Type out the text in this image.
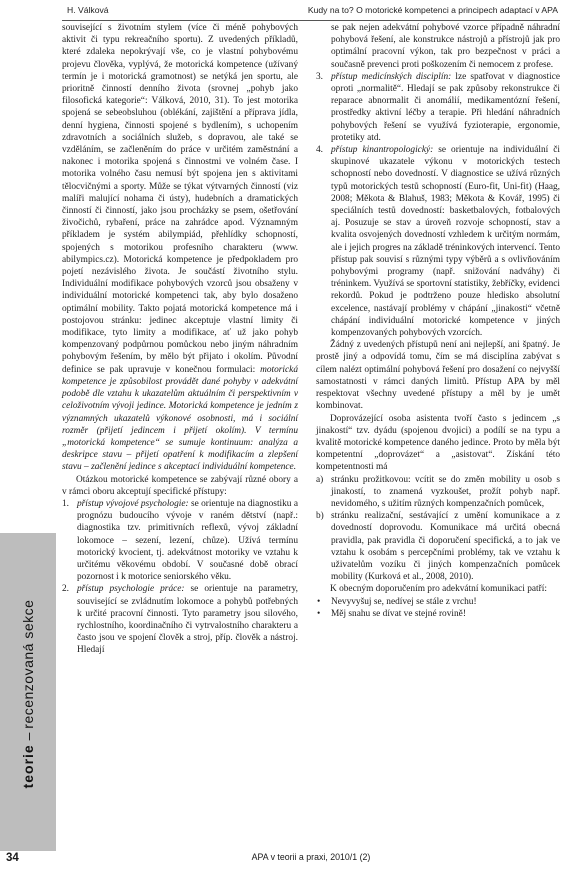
H. Válková	Kudy na to? O motorické kompetenci a principech adaptací v APA
teorie – recenzovaná sekce

související s životním stylem (více či méně pohybových aktivit či typu rekreačního sportu). Z uvedených příkladů, které zdaleka nepokrývají vše, co je vlastní pohybovému projevu člověka, vyplývá, že motorická kompetence (užívaný termín je i motorická gramotnost) se netýká jen sportu, ale prioritně činností denního života (srovnej „pohyb jako filosofická kategorie“: Válková, 2010, 31). To jest motorika spojená se sebeobsluhou (oblékání, zajištění a příprava jídla, denní hygiena, činnosti spojené s bydlením), s uchopením zdravotních a sociálních služeb, s dopravou, ale také se vzděláním, se začleněním do práce v určitém zaměstnání a nakonec i motorika spojená s činnostmi ve volném čase. I motorika volného času nemusí být spojena jen s aktivitami tělocvičnými a sporty. Může se týkat výtvarných činností (viz malíři malující nohama či ústy), hudebních a dramatických činností či činností, jako jsou procházky se psem, ošetřování živočichů, rybaření, práce na zahrádce apod. Významným příkladem je systém abilympiád, přehlídky schopností, spojených s motorikou profesního charakteru (www. abilympics.cz). Motorická kompetence je předpokladem pro pojetí nezávislého života. Je součástí životního stylu. Individuální modifikace pohybových vzorců jsou obsaženy v individuální motorické kompetenci tak, aby bylo dosaženo optimální mobility. Takto pojatá motorická kompetence má i postojovou stránku: jedinec akceptuje vlastní limity či modifikace, tyto limity a modifikace, ať už jako pohyb kompenzovaný podpůrnou pomůckou nebo jiným náhradním pohybovým řešením, by mělo být přijato i okolím. Původní definice se pak upravuje v konečnou formulaci: motorická kompetence je způsobilost provádět dané pohyby v adekvátní podobě dle vztahu k ukazatelům aktuálním či perspektivním v celoživotním vývoji jedince. Motorická kompetence je jedním z významných ukazatelů výkonové osobnosti, má i sociální rozměr (přijetí jedincem i přijetí okolím). V termínu „motorická kompetence“ se sumuje kontinuum: analýza a deskripce stavu – přijetí opatření k modifikacím a zlepšení stavu – začlenění jedince s akceptací individuální kompetence.

Otázkou motorické kompetence se zabývají různé obory a v rámci oboru akceptují specifické přístupy:

1. přístup vývojové psychologie: se orientuje na diagnostiku a prognózu budoucího vývoje v raném dětství (např.: diagnostika tzv. primitivních reflexů, vývoj základní lokomoce – sezení, lezení, chůze). Užívá termínu motorický kvocient, tj. adekvátnost motoriky ve vztahu k určitému věkovému období. V současné době obrací pozornost i k motorice seniorského věku.
2. přístup psychologie práce: se orientuje na parametry, související se zvládnutím lokomoce a pohybů potřebných k určité pracovní činnosti. Tyto parametry jsou silového, rychlostního, koordinačního či vytrvalostního charakteru a často jsou ve spojení člověk a stroj, příp. člověk a nástroj. Hledají
se pak nejen adekvátní pohybové vzorce případně náhradní pohybová řešení, ale konstrukce nástrojů a přístrojů jak pro optimální pracovní výkon, tak pro bezpečnost v práci a současně prevenci proti poškozením či nemocem z profese.
3. přístup medicínských disciplín: lze spatřovat v diagnostice oproti „normalitě“. Hledají se pak způsoby rekonstrukce či reparace abnormalit či anomálií, medikamentózní řešení, prostředky aktivní léčby a terapie. Při hledání náhradních pohybových řešení se využívá fyzioterapie, ergonomie, protetiky atd.
4. přístup kinantropologický: se orientuje na individuální či skupinové ukazatele výkonu v motorických testech schopností nebo dovedností. V diagnostice se užívá různých typů motorických testů schopností (Euro-fit, Uni-fit) (Haag, 2008; Měkota & Blahuš, 1983; Měkota & Kovář, 1995) či speciálních testů dovedností: basketbalových, fotbalových aj. Posuzuje se stav a úroveň rozvoje schopností, stav a kvalita osvojených dovedností vzhledem k určitým normám, ale i jejich progres na základě tréninkových intervencí. Tento přístup pak souvisí s různými typy výběrů a s ovlivňováním pohybovými programy (např. snižování nadváhy) či tréninkem. Využívá se sportovní statistiky, žebříčky, evidenci rekordů. Pokud je podtrženo pouze hledisko absolutní excelence, nastávají problémy v chápání „jinakosti“ včetně chápání individuální motorické kompetence v jiných kompenzovaných pohybových vzorcích.

Žádný z uvedených přístupů není ani nejlepší, ani špatný. Je prostě jiný a odpovídá tomu, čím se má disciplína zabývat s cílem nalézt optimální pohybová řešení pro dosažení co nejvyšší samostatnosti v rámci daných limitů. Přístup APA by měl respektovat všechny uvedené přístupy a měl by je umět kombinovat.

Doprovázející osoba asistenta tvoří často s jedincem „s jinakostí“ tzv. dyádu (spojenou dvojici) a podílí se na typu a kvalitě motorické kompetence daného jedince. Proto by měla být kompetentní „doprovázet“ a „asistovat“. Získání této kompetentnosti má

a) stránku prožitkovou: vcítit se do změn mobility u osob s jinakostí, to znamená vyzkoušet, prožít pohyb např. nevidomého, s užitím různých kompenzačních pomůcek,
b) stránku realizační, sestávající z umění komunikace a z dovedností doprovodu. Komunikace má určitá obecná pravidla, pak pravidla či doporučení specifická, a to jak ve vztahu k osobám s percepčními problémy, tak ve vztahu k uživatelům vozíku či jiných kompenzačních pomůcek mobility (Kurková et al., 2008, 2010).

K obecným doporučením pro adekvátní komunikaci patří:

• Nevyvyšuj se, nedívej se stále z vrchu!
• Měj snahu se dívat ve stejné rovině!
34	APA v teorii a praxi, 2010/1 (2)
